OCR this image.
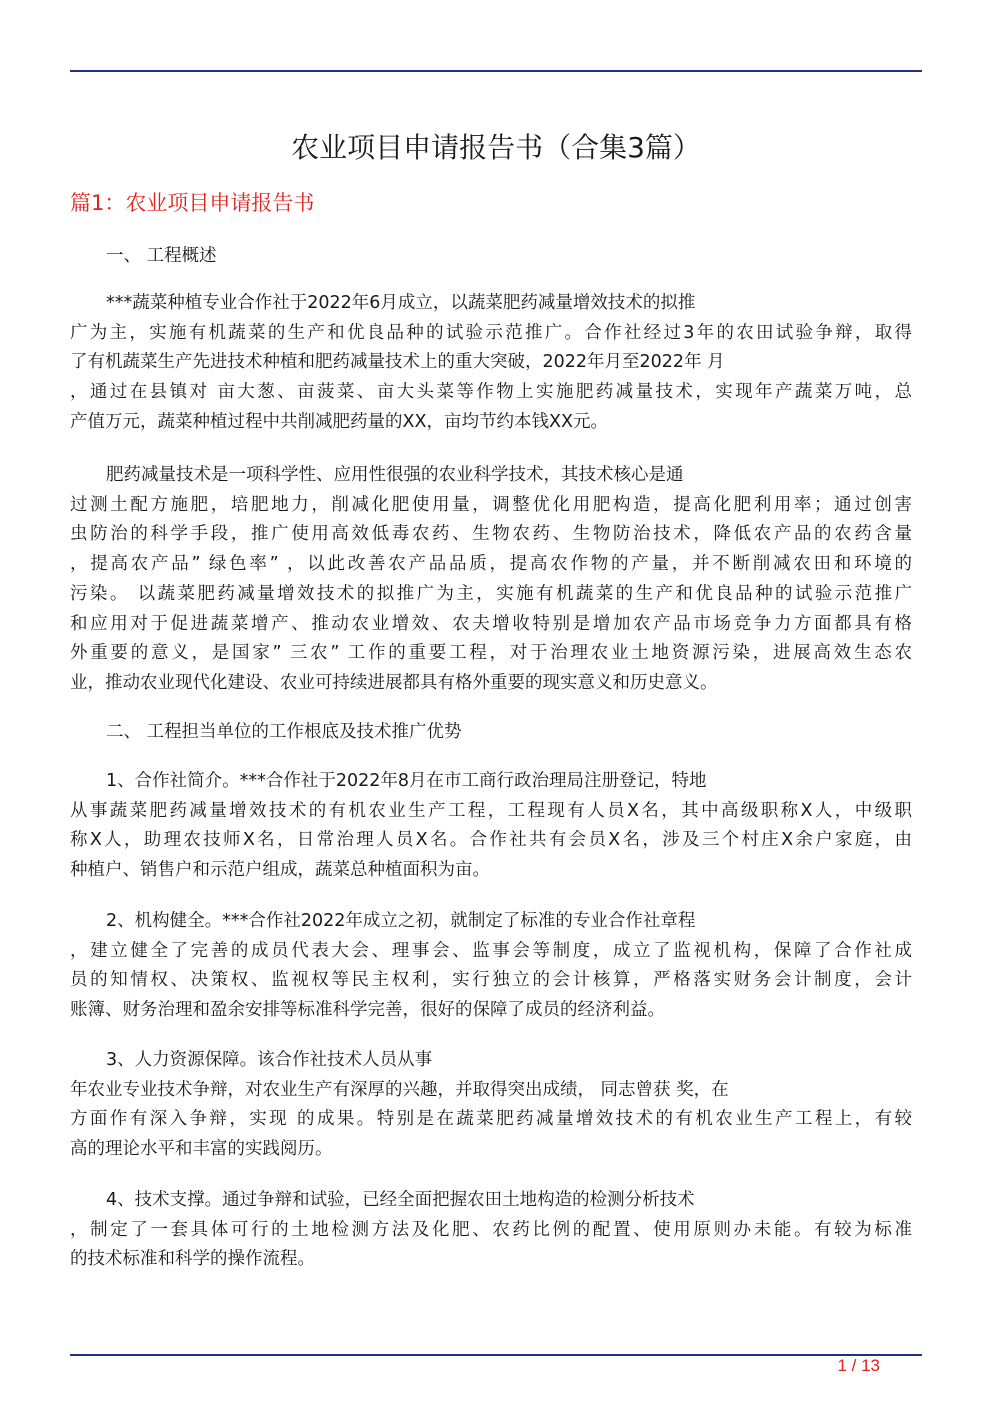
农业项目申请报告书（合集3篇）
篇1：农业项目申请报告书
一、 工程概述
***蔬菜种植专业合作社于2022年6月成立，以蔬菜肥药减量增效技术的拟推
广为主，实施有机蔬菜的生产和优良品种的试验示范推广。合作社经过3年的农田试验争辩，取得
了有机蔬菜生产先进技术种植和肥药减量技术上的重大突破，2022年月至2022年 月
，通过在县镇对 亩大葱、亩菠菜、亩大头菜等作物上实施肥药减量技术，实现年产蔬菜万吨，总
产值万元，蔬菜种植过程中共削减肥药量的XX，亩均节约本钱XX元。
肥药减量技术是一项科学性、应用性很强的农业科学技术，其技术核心是通
过测土配方施肥，培肥地力，削减化肥使用量，调整优化用肥构造，提高化肥利用率；通过创害
虫防治的科学手段，推广使用高效低毒农药、生物农药、生物防治技术，降低农产品的农药含量
，提高农产品” 绿色率” ，以此改善农产品品质，提高农作物的产量，并不断削减农田和环境的
污染。 以蔬菜肥药减量增效技术的拟推广为主，实施有机蔬菜的生产和优良品种的试验示范推广
和应用对于促进蔬菜增产、推动农业增效、农夫增收特别是增加农产品市场竞争力方面都具有格
外重要的意义，是国家” 三农” 工作的重要工程，对于治理农业土地资源污染，进展高效生态农
业，推动农业现代化建设、农业可持续进展都具有格外重要的现实意义和历史意义。
二、 工程担当单位的工作根底及技术推广优势
1、合作社简介。***合作社于2022年8月在市工商行政治理局注册登记，特地
从事蔬菜肥药减量增效技术的有机农业生产工程，工程现有人员X名，其中高级职称X人，中级职
称X人，助理农技师X名，日常治理人员X名。合作社共有会员X名，涉及三个村庄X余户家庭，由
种植户、销售户和示范户组成，蔬菜总种植面积为亩。
2、机构健全。***合作社2022年成立之初，就制定了标准的专业合作社章程
，建立健全了完善的成员代表大会、理事会、监事会等制度，成立了监视机构，保障了合作社成
员的知情权、决策权、监视权等民主权利，实行独立的会计核算，严格落实财务会计制度，会计
账簿、财务治理和盈余安排等标准科学完善，很好的保障了成员的经济利益。
3、人力资源保障。该合作社技术人员从事
年农业专业技术争辩，对农业生产有深厚的兴趣，并取得突出成绩， 同志曾获 奖，在
方面作有深入争辩，实现 的成果。特别是在蔬菜肥药减量增效技术的有机农业生产工程上，有较
高的理论水平和丰富的实践阅历。
4、技术支撑。通过争辩和试验，已经全面把握农田土地构造的检测分析技术
，制定了一套具体可行的土地检测方法及化肥、农药比例的配置、使用原则办未能。有较为标准
的技术标准和科学的操作流程。
1 / 13
